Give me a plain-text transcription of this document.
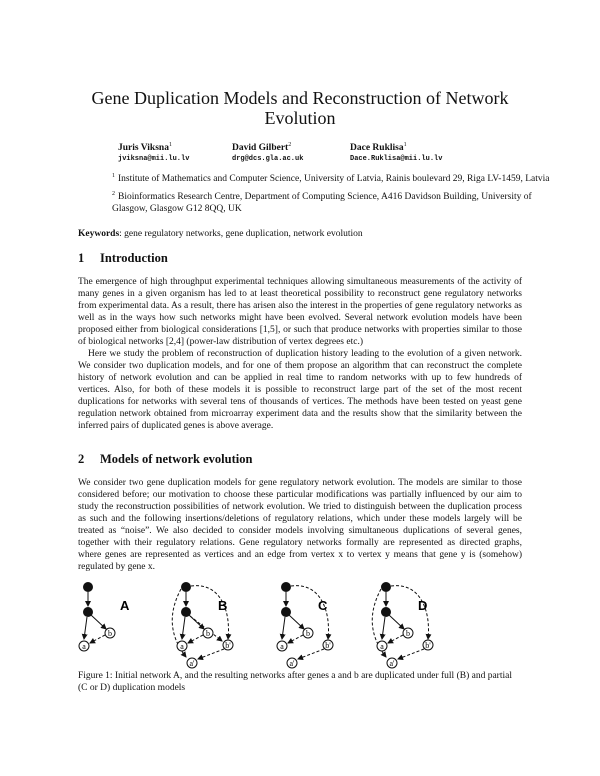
Gene Duplication Models and Reconstruction of Network Evolution
Juris Viksna$^1$
jviksna@mii.lu.lv
David Gilbert$^2$
drg@dcs.gla.ac.uk
Dace Ruklisa$^1$
Dace.Ruklisa@mii.lu.lv

$^1$ Institute of Mathematics and Computer Science, University of Latvia, Rainis boulevard 29, Riga LV-1459, Latvia

$^2$ Bioinformatics Research Centre, Department of Computing Science, A416 Davidson Building, University of Glasgow, Glasgow G12 8QQ, UK

Keywords: gene regulatory networks, gene duplication, network evolution
1 Introduction

The emergence of high throughput experimental techniques allowing simultaneous measurements of the activity of many genes in a given organism has led to at least theoretical possibility to reconstruct gene regulatory networks from experimental data. As a result, there has arisen also the interest in the properties of gene regulatory networks as well as in the ways how such networks might have been evolved. Several network evolution models have been proposed either from biological considerations [1,5], or such that produce networks with properties similar to those of biological networks [2,4] (power-law distribution of vertex degrees etc.)

Here we study the problem of reconstruction of duplication history leading to the evolution of a given network. We consider two duplication models, and for one of them propose an algorithm that can reconstruct the complete history of network evolution and can be applied in real time to random networks with up to few hundreds of vertices. Also, for both of these models it is possible to reconstruct large part of the set of the most recent duplications for networks with several tens of thousands of vertices. The methods have been tested on yeast gene regulation network obtained from microarray experiment data and the results show that the similarity between the inferred pairs of duplicated genes is above average.

2 Models of network evolution

We consider two gene duplication models for gene regulatory network evolution. The models are similar to those considered before; our motivation to choose these particular modifications was partially influenced by our aim to study the reconstruction possibilities of network evolution. We tried to distinguish between the duplication process as such and the following insertions/deletions of regulatory relations, which under these models largely will be treated as “noise”. We also decided to consider models involving simultaneous duplications of several genes, together with their regulatory relations. Gene regulatory networks formally are represented as directed graphs, where genes are represented as vertices and an edge from vertex x to vertex y means that gene y is (somehow) regulated by gene x.

b
a
A
b
a	b'
a'
B
b
a	b'
a'
C
b
a	b'
a'
D
Figure 1: Initial network A, and the resulting networks after genes a and b are duplicated under full (B) and partial (C or D) duplication models
